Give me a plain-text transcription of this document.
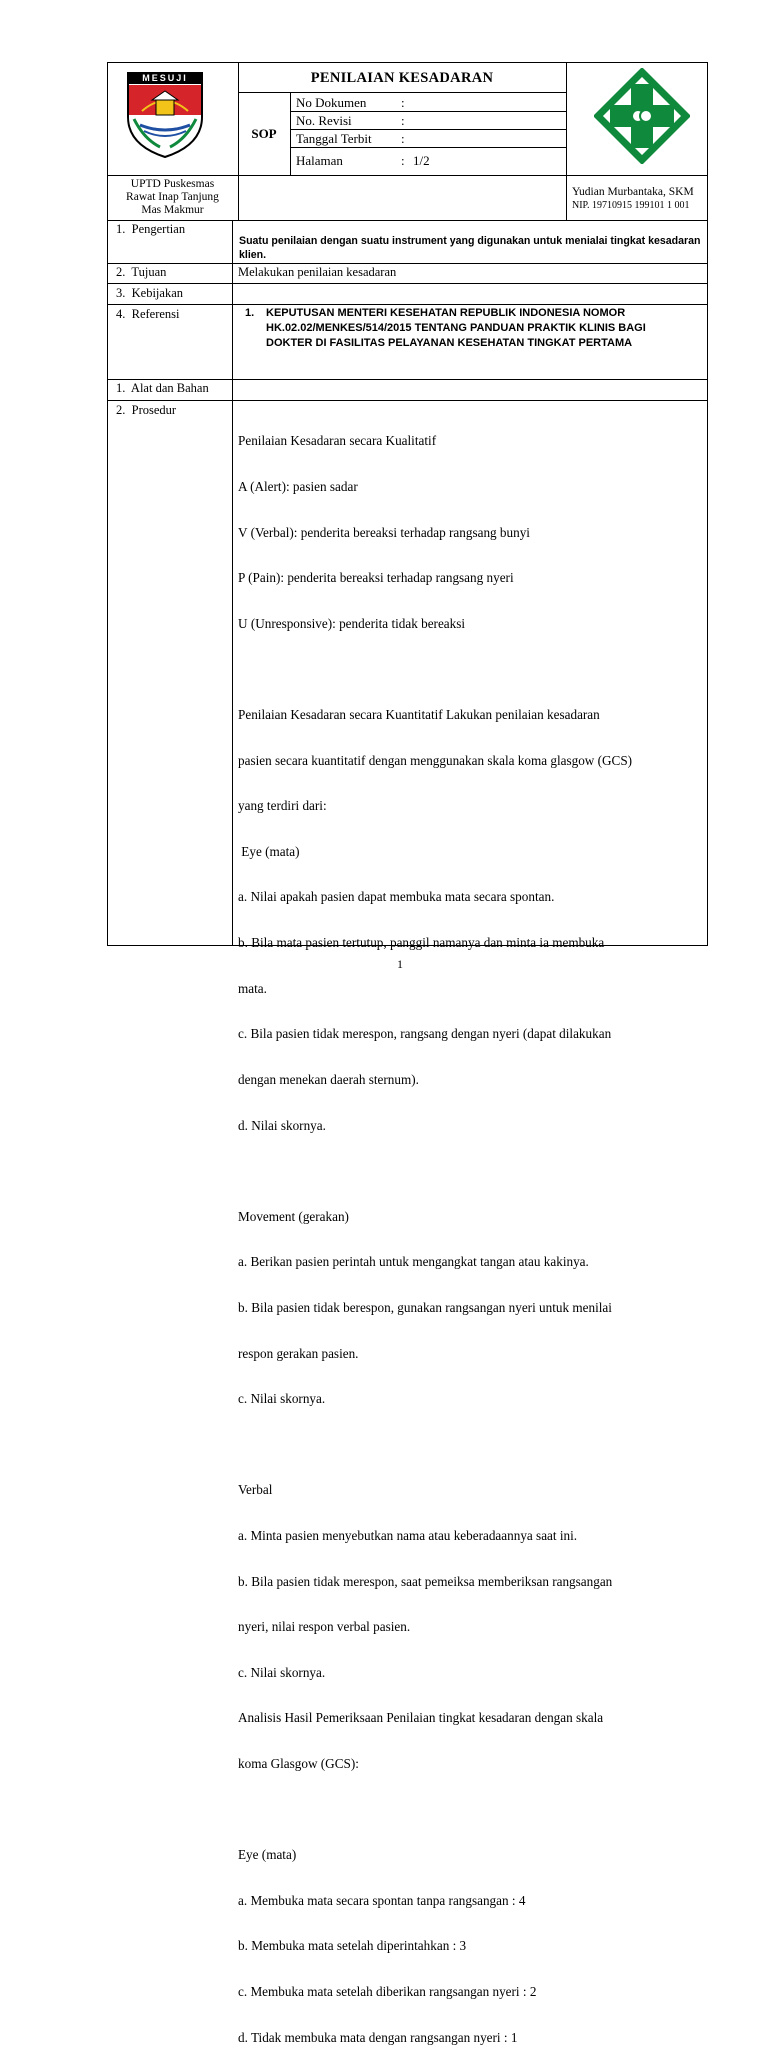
MESUJI	PENILAIAN KESADARAN
SOP
No Dokumen	:
No. Revisi	:
Tanggal Terbit :
Halaman	: 1/2
UPTD Puskesmas
Rawat Inap Tanjung
Mas Makmur
Yudian Murbantaka, SKM
NIP. 19710915 199101 1 001
1.  Pengertian
Suatu penilaian dengan suatu instrument yang digunakan untuk menialai tingkat kesadaran klien.
2.  Tujuan	Melakukan penilaian kesadaran
3.  Kebijakan
4.  Referensi	1. KEPUTUSAN MENTERI KESEHATAN REPUBLIK INDONESIA NOMOR HK.02.02/MENKES/514/2015 TENTANG PANDUAN PRAKTIK KLINIS BAGI DOKTER DI FASILITAS PELAYANAN KESEHATAN TINGKAT PERTAMA
1.  Alat dan Bahan
2.  Prosedur

Penilaian Kesadaran secara Kualitatif

A (Alert): pasien sadar

V (Verbal): penderita bereaksi terhadap rangsang bunyi

P (Pain): penderita bereaksi terhadap rangsang nyeri

U (Unresponsive): penderita tidak bereaksi

Penilaian Kesadaran secara Kuantitatif Lakukan penilaian kesadaran

pasien secara kuantitatif dengan menggunakan skala koma glasgow (GCS)

yang terdiri dari:

Eye (mata)

a. Nilai apakah pasien dapat membuka mata secara spontan.

b. Bila mata pasien tertutup, panggil namanya dan minta ia membuka

mata.

c. Bila pasien tidak merespon, rangsang dengan nyeri (dapat dilakukan

dengan menekan daerah sternum).

d. Nilai skornya.

Movement (gerakan)

a. Berikan pasien perintah untuk mengangkat tangan atau kakinya.

b. Bila pasien tidak berespon, gunakan rangsangan nyeri untuk menilai

respon gerakan pasien.

c. Nilai skornya.

Verbal

a. Minta pasien menyebutkan nama atau keberadaannya saat ini.

b. Bila pasien tidak merespon, saat pemeiksa memberiksan rangsangan

nyeri, nilai respon verbal pasien.

c. Nilai skornya.

Analisis Hasil Pemeriksaan Penilaian tingkat kesadaran dengan skala

koma Glasgow (GCS):

Eye (mata)

a. Membuka mata secara spontan tanpa rangsangan : 4

b. Membuka mata setelah diperintahkan : 3

c. Membuka mata setelah diberikan rangsangan nyeri : 2

d. Tidak membuka mata dengan rangsangan nyeri : 1

1
